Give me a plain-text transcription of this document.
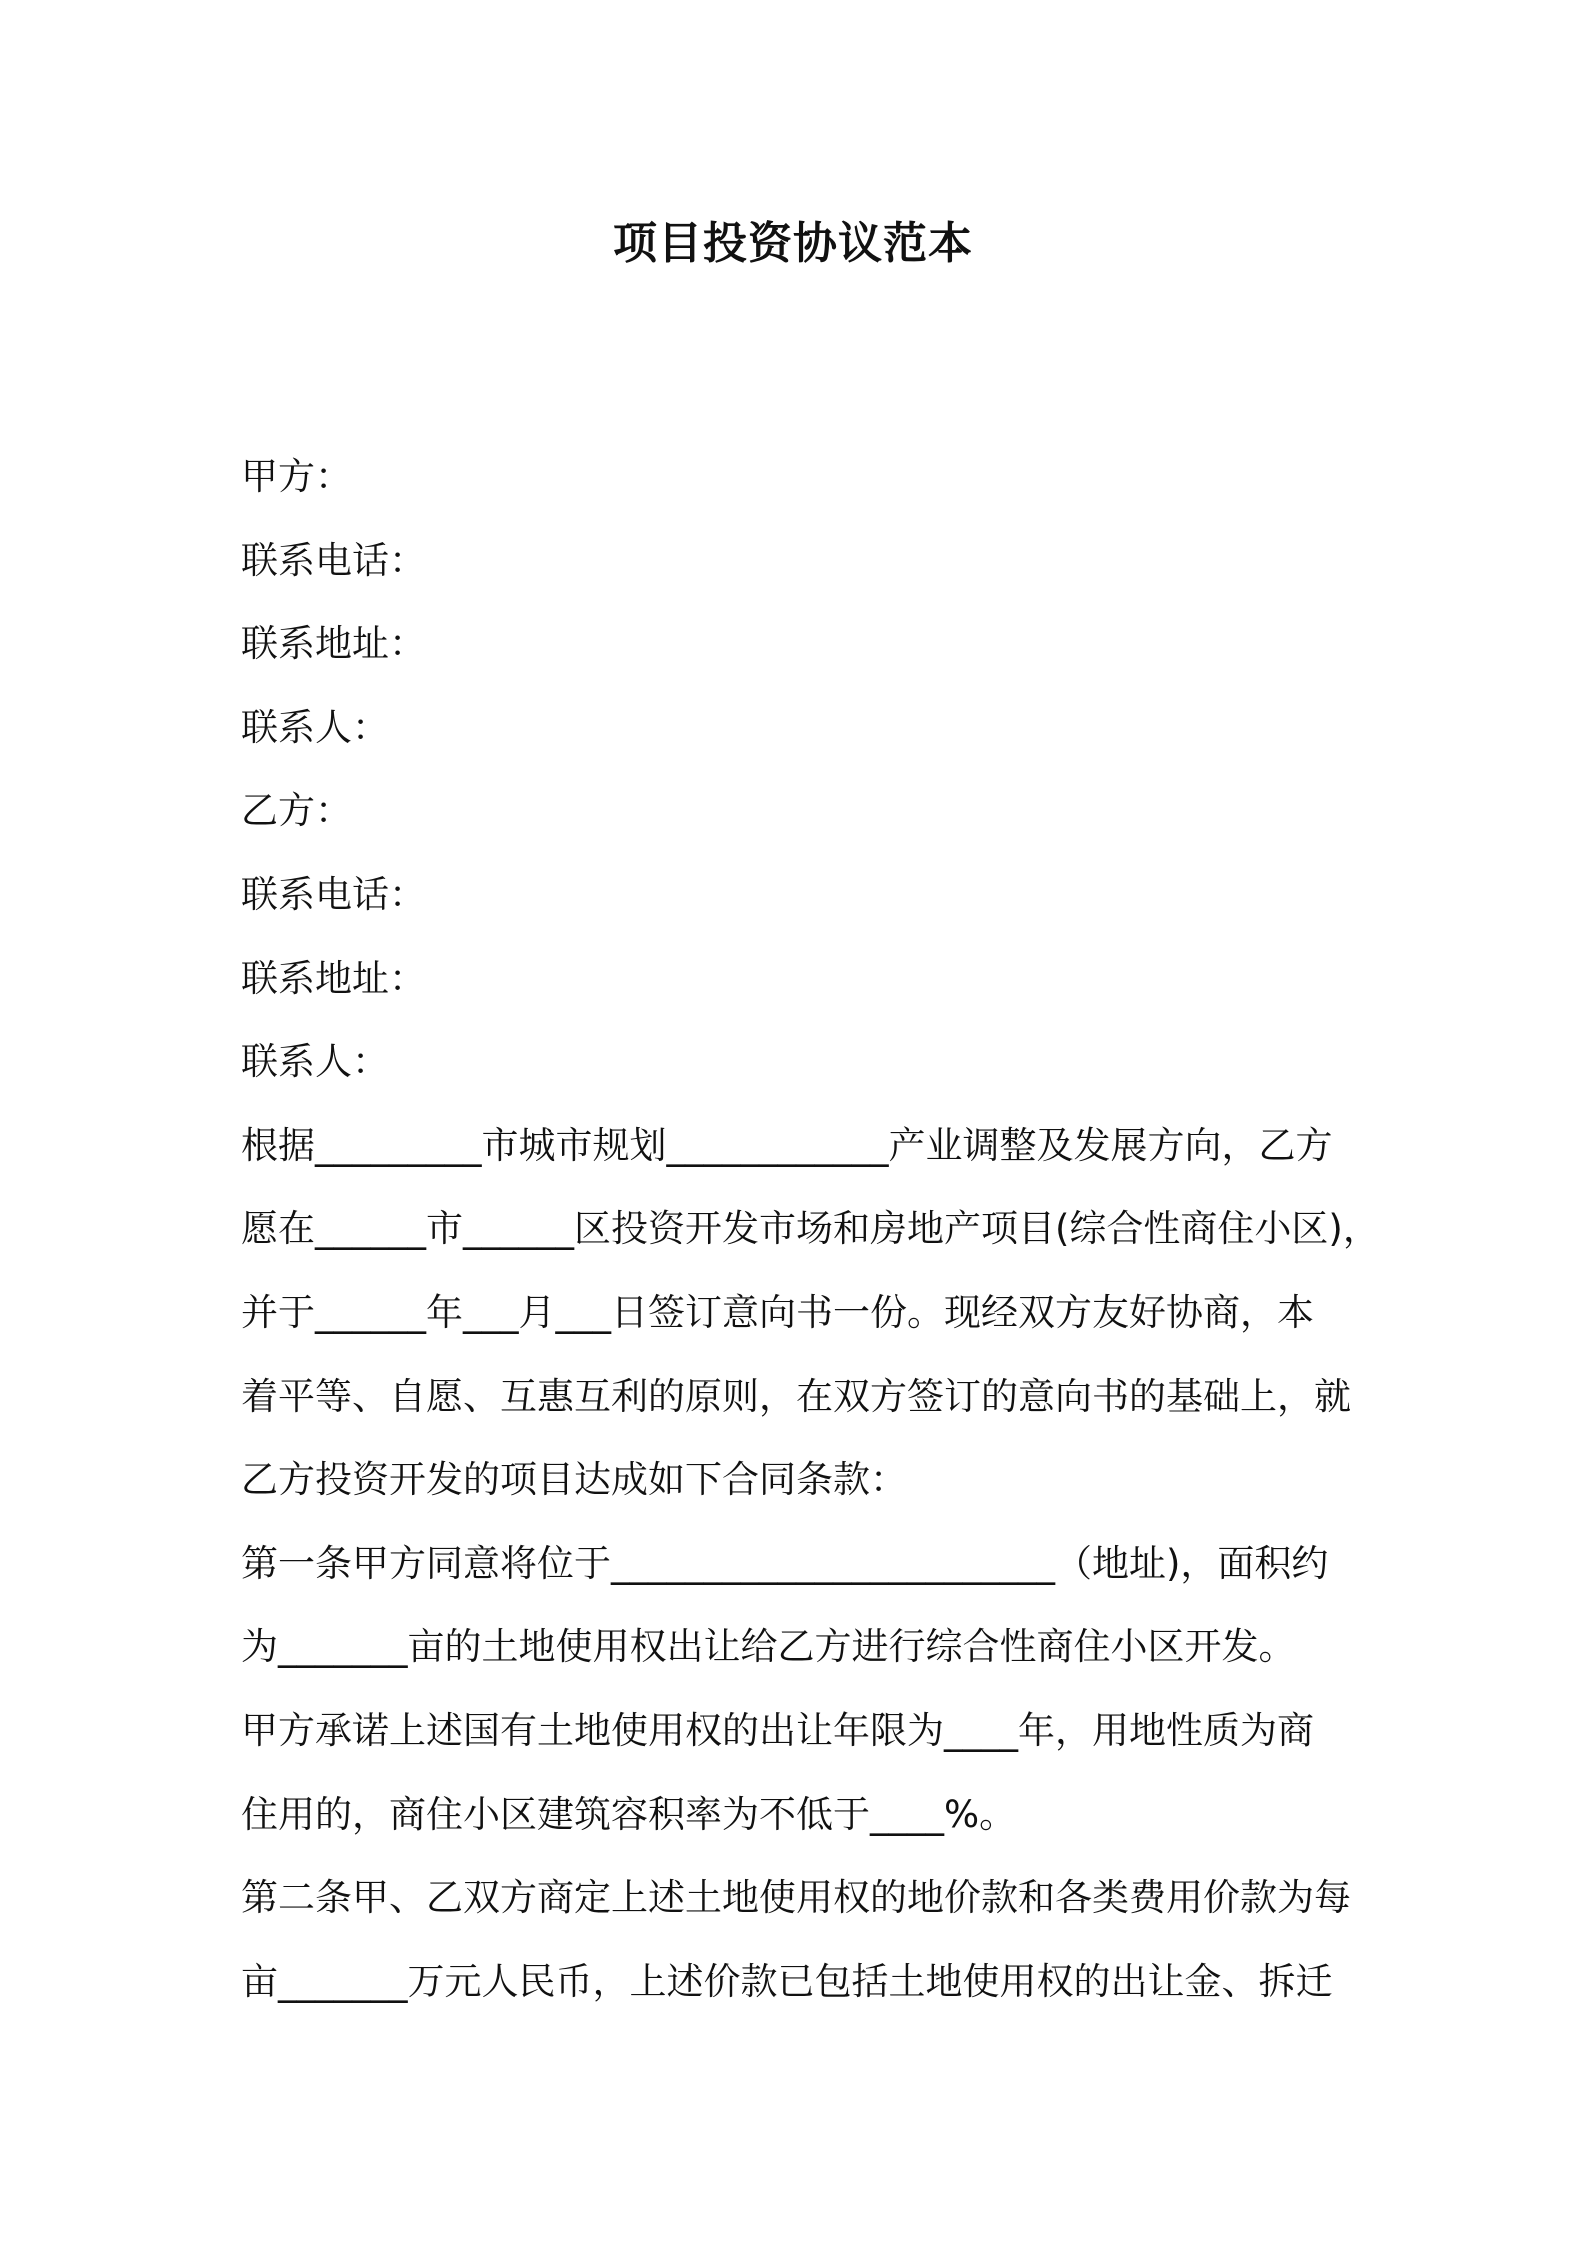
项目投资协议范本
甲方：
联系电话：
联系地址：
联系人：
乙方：
联系电话：
联系地址：
联系人：
根据_________市城市规划____________产业调整及发展方向，乙方
愿在______市______区投资开发市场和房地产项目(综合性商住小区)，
并于______年___月___日签订意向书一份。现经双方友好协商，本
着平等、自愿、互惠互利的原则，在双方签订的意向书的基础上，就
乙方投资开发的项目达成如下合同条款：
第一条甲方同意将位于________________________（地址)，面积约
为_______亩的土地使用权出让给乙方进行综合性商住小区开发。
甲方承诺上述国有土地使用权的出让年限为____年，用地性质为商
住用的，商住小区建筑容积率为不低于____%。
第二条甲、乙双方商定上述土地使用权的地价款和各类费用价款为每
亩_______万元人民币，上述价款已包括土地使用权的出让金、拆迁
